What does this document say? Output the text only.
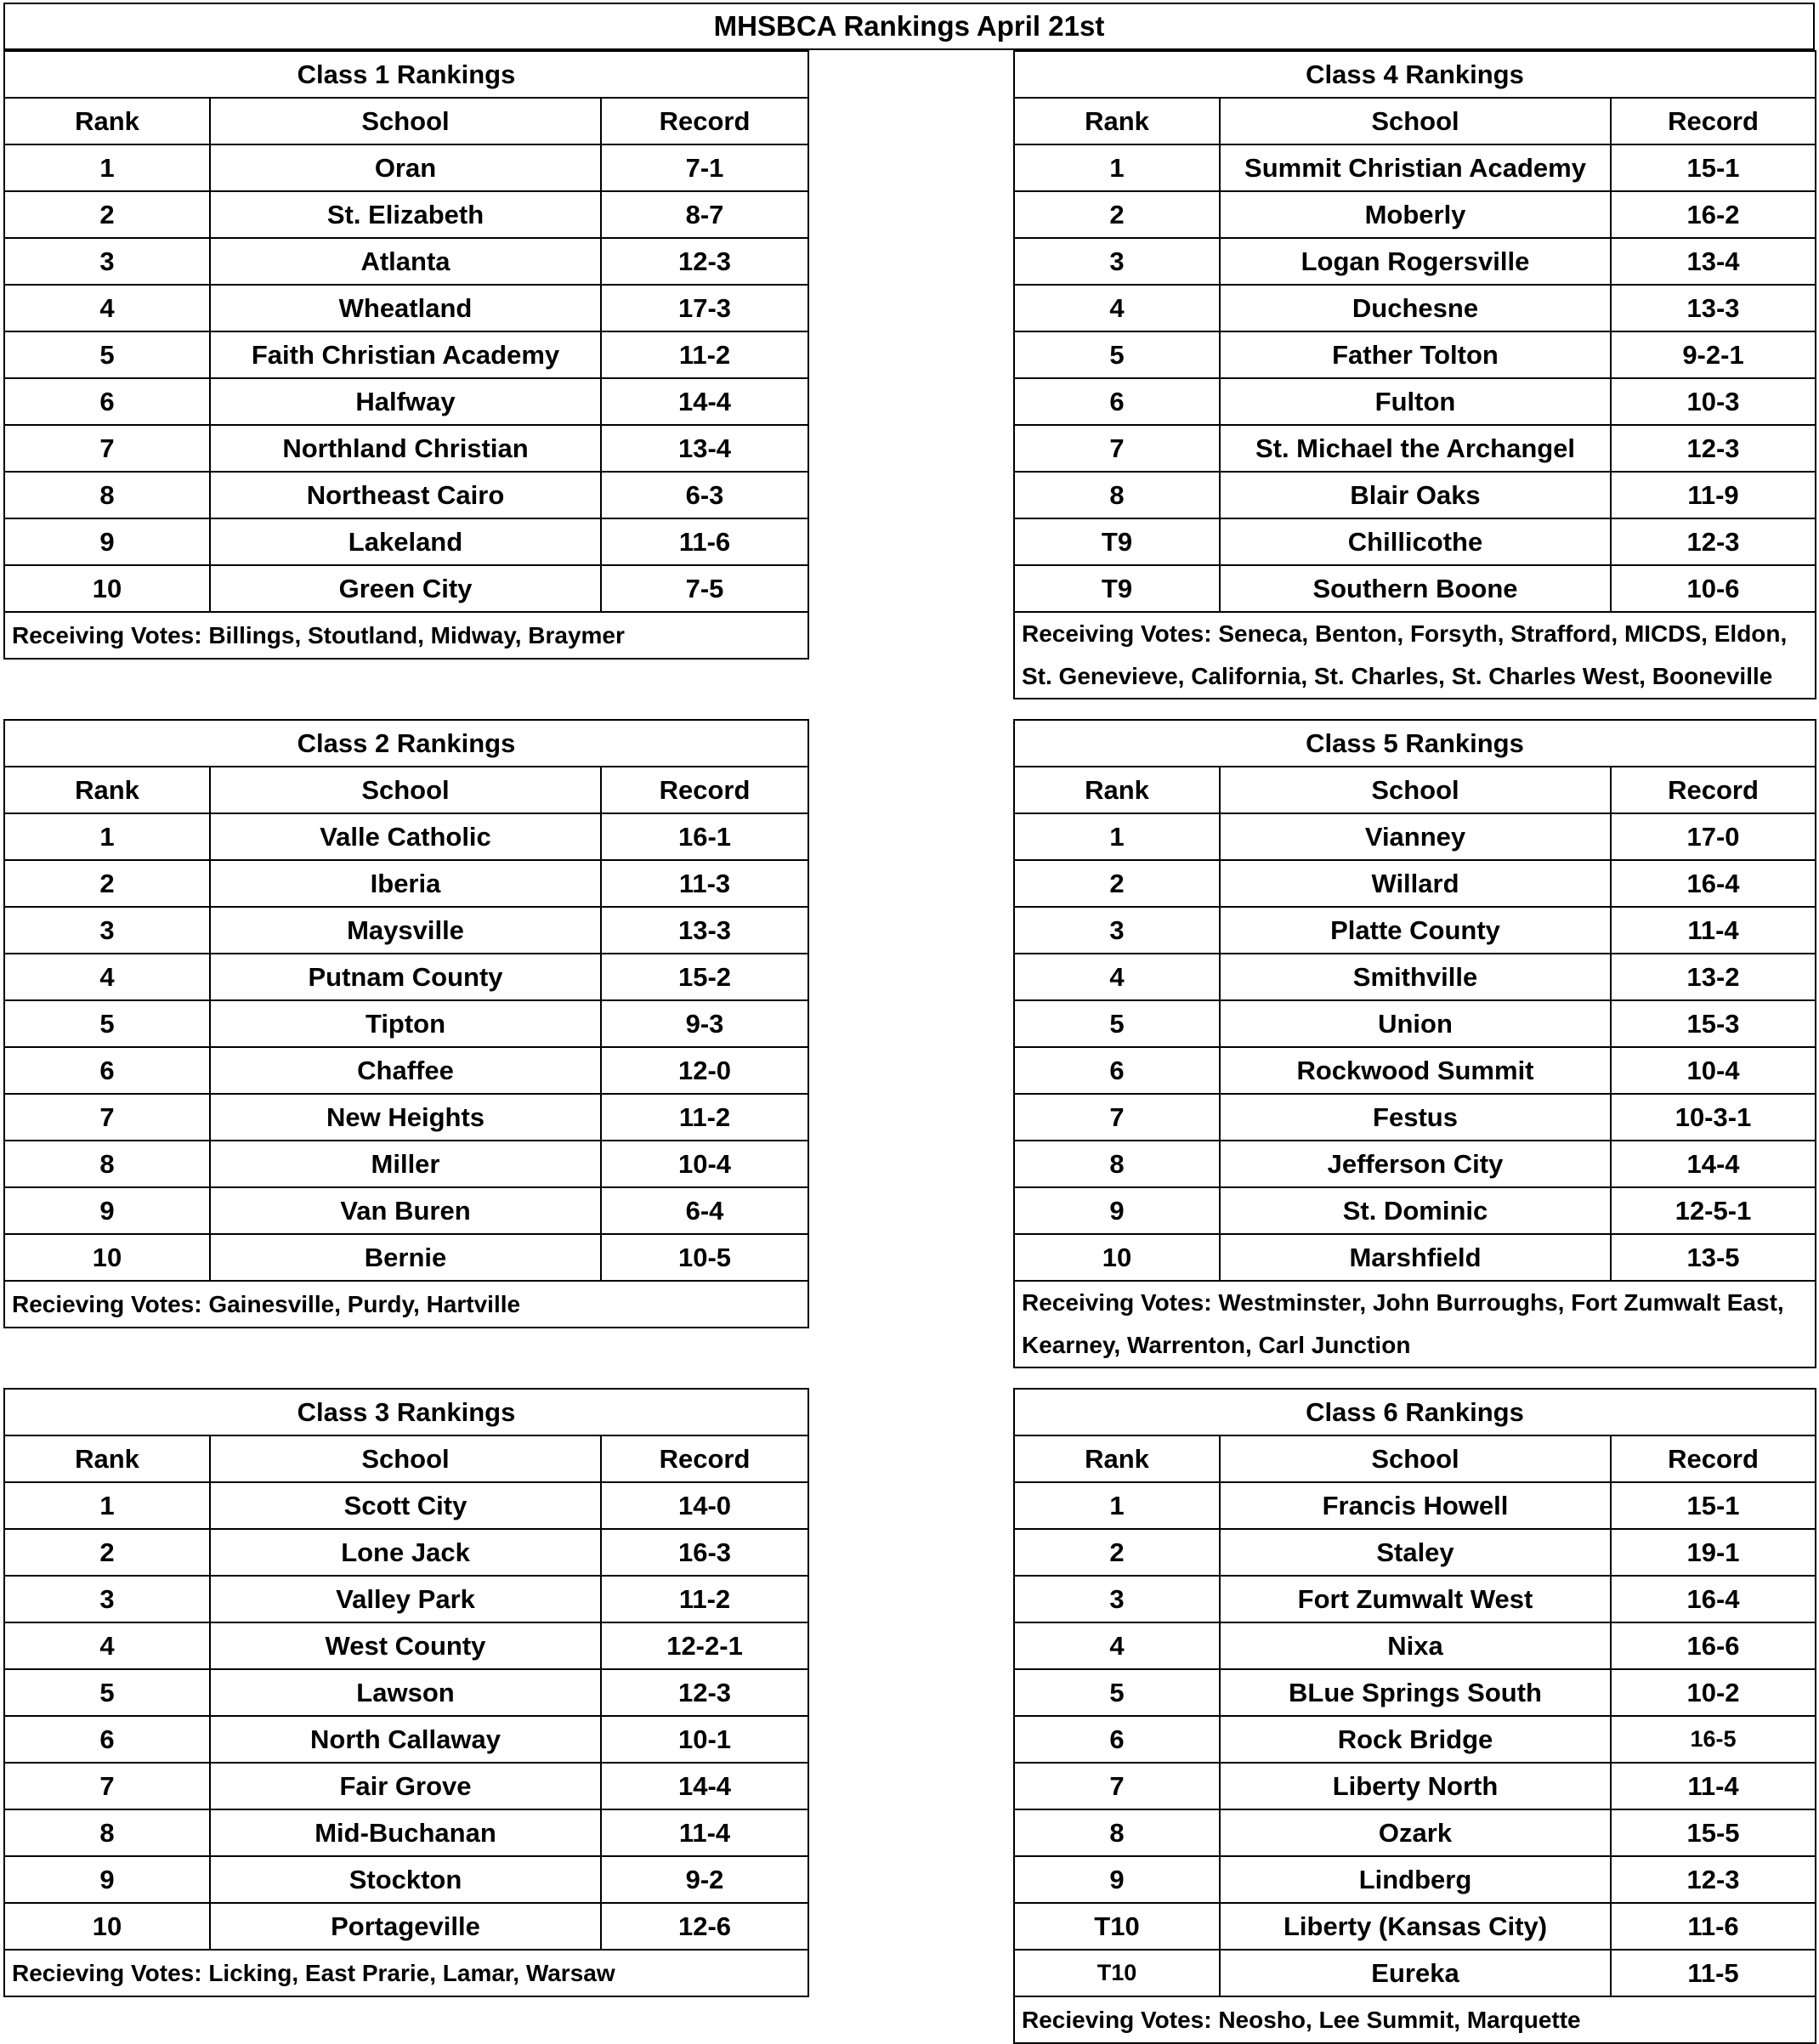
MHSBCA Rankings April 21st
Class 1 Rankings		
Rank	School	Record
1	Oran	7-1
2	St. Elizabeth	8-7
3	Atlanta	12-3
4	Wheatland	17-3
5	Faith Christian Academy	11-2
6	Halfway	14-4
7	Northland Christian	13-4
8	Northeast Cairo	6-3
9	Lakeland	11-6
10	Green City	7-5
Receiving Votes: Billings, Stoutland, Midway, Braymer		
Class 4 Rankings		
Rank	School	Record
1	Summit Christian Academy	15-1
2	Moberly	16-2
3	Logan Rogersville	13-4
4	Duchesne	13-3
5	Father Tolton	9-2-1
6	Fulton	10-3
7	St. Michael the Archangel	12-3
8	Blair Oaks	11-9
T9	Chillicothe	12-3
T9	Southern Boone	10-6
Receiving Votes: Seneca, Benton, Forsyth, Strafford, MICDS, Eldon, St. Genevieve, California, St. Charles, St. Charles West, Booneville		
Class 2 Rankings		
Rank	School	Record
1	Valle Catholic	16-1
2	Iberia	11-3
3	Maysville	13-3
4	Putnam County	15-2
5	Tipton	9-3
6	Chaffee	12-0
7	New Heights	11-2
8	Miller	10-4
9	Van Buren	6-4
10	Bernie	10-5
Recieving Votes: Gainesville, Purdy, Hartville		
Class 5 Rankings		
Rank	School	Record
1	Vianney	17-0
2	Willard	16-4
3	Platte County	11-4
4	Smithville	13-2
5	Union	15-3
6	Rockwood Summit	10-4
7	Festus	10-3-1
8	Jefferson City	14-4
9	St. Dominic	12-5-1
10	Marshfield	13-5
Receiving Votes: Westminster, John Burroughs, Fort Zumwalt East, Kearney, Warrenton, Carl Junction		
Class 3 Rankings		
Rank	School	Record
1	Scott City	14-0
2	Lone Jack	16-3
3	Valley Park	11-2
4	West County	12-2-1
5	Lawson	12-3
6	North Callaway	10-1
7	Fair Grove	14-4
8	Mid-Buchanan	11-4
9	Stockton	9-2
10	Portageville	12-6
Recieving Votes: Licking, East Prarie, Lamar, Warsaw		
Class 6 Rankings		
Rank	School	Record
1	Francis Howell	15-1
2	Staley	19-1
3	Fort Zumwalt West	16-4
4	Nixa	16-6
5	BLue Springs South	10-2
6	Rock Bridge	16-5
7	Liberty North	11-4
8	Ozark	15-5
9	Lindberg	12-3
T10	Liberty (Kansas City)	11-6
T10	Eureka	11-5
Recieving Votes: Neosho, Lee Summit, Marquette		
